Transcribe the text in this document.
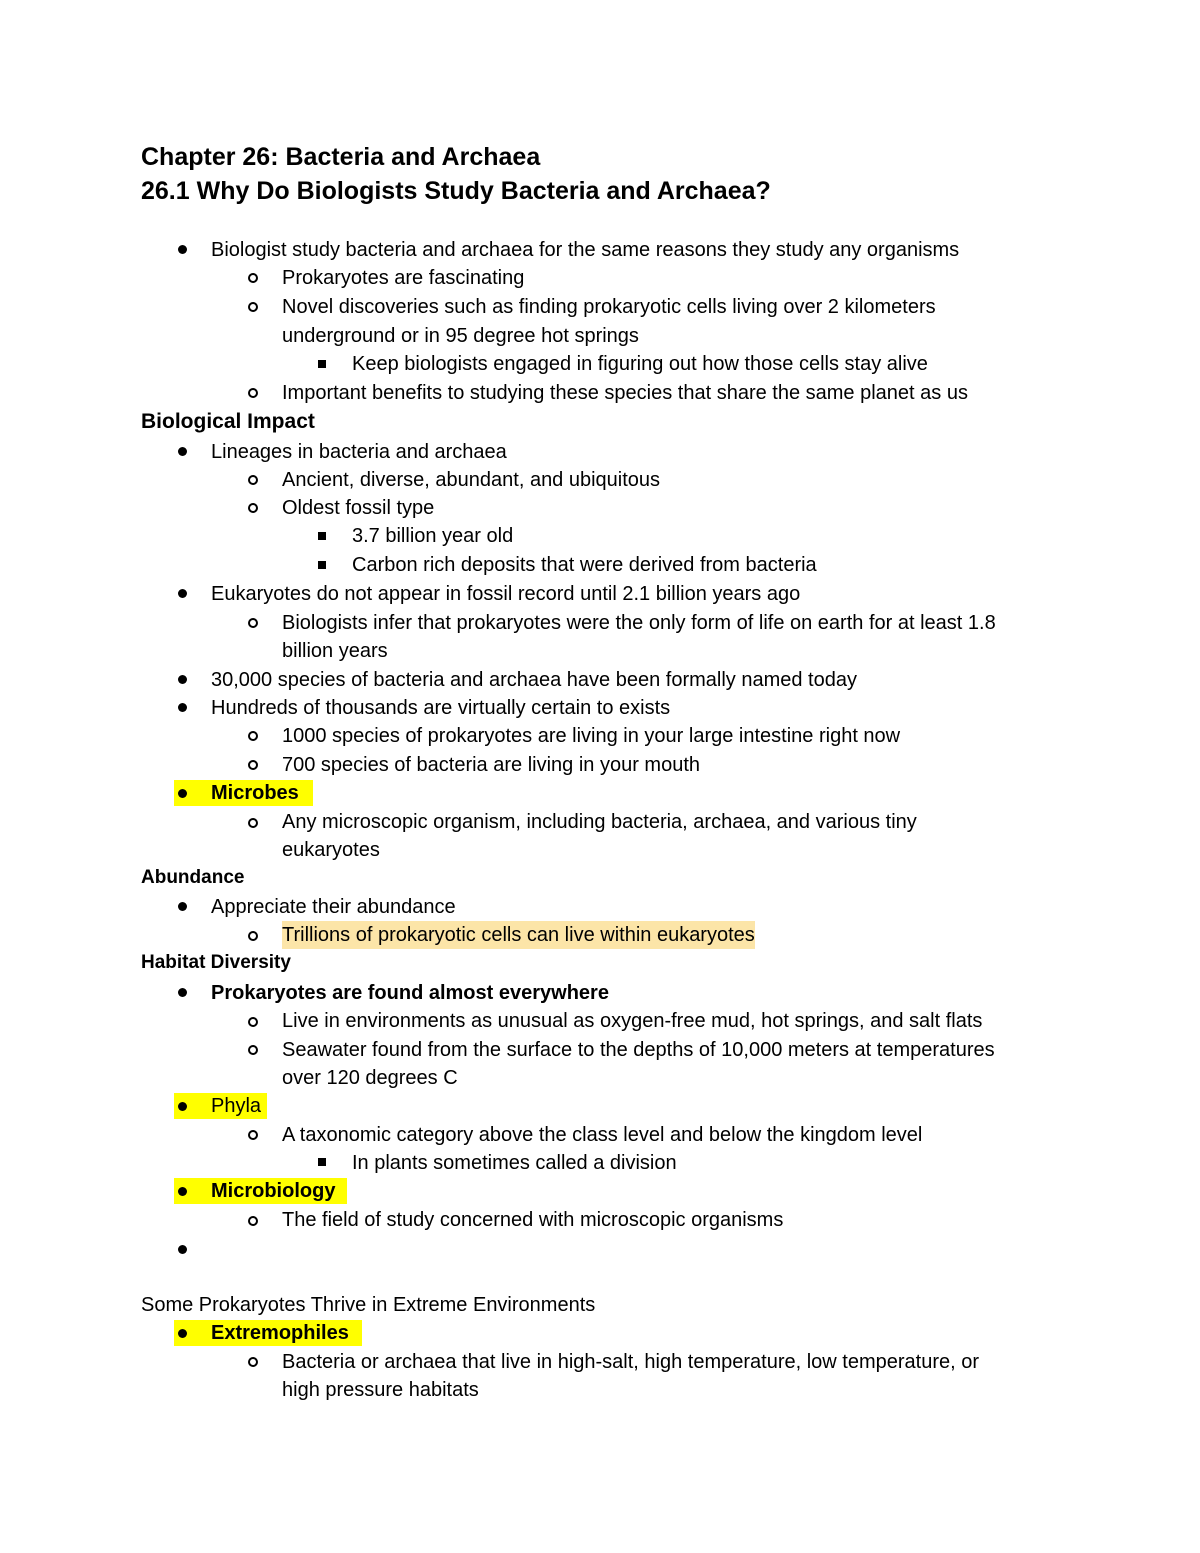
Chapter 26: Bacteria and Archaea
26.1 Why Do Biologists Study Bacteria and Archaea?
Biologist study bacteria and archaea for the same reasons they study any organisms
Prokaryotes are fascinating
Novel discoveries such as finding prokaryotic cells living over 2 kilometers
underground or in 95 degree hot springs
Keep biologists engaged in figuring out how those cells stay alive
Important benefits to studying these species that share the same planet as us
Biological Impact
Lineages in bacteria and archaea
Ancient, diverse, abundant, and ubiquitous
Oldest fossil type
3.7 billion year old
Carbon rich deposits that were derived from bacteria
Eukaryotes do not appear in fossil record until 2.1 billion years ago
Biologists infer that prokaryotes were the only form of life on earth for at least 1.8
billion years
30,000 species of bacteria and archaea have been formally named today
Hundreds of thousands are virtually certain to exists
1000 species of prokaryotes are living in your large intestine right now
700 species of bacteria are living in your mouth
Microbes
Any microscopic organism, including bacteria, archaea, and various tiny
eukaryotes
Abundance
Appreciate their abundance
Trillions of prokaryotic cells can live within eukaryotes
Habitat Diversity
Prokaryotes are found almost everywhere
Live in environments as unusual as oxygen-free mud, hot springs, and salt flats
Seawater found from the surface to the depths of 10,000 meters at temperatures
over 120 degrees C
Phyla
A taxonomic category above the class level and below the kingdom level
In plants sometimes called a division
Microbiology
The field of study concerned with microscopic organisms
Some Prokaryotes Thrive in Extreme Environments
Extremophiles
Bacteria or archaea that live in high-salt, high temperature, low temperature, or
high pressure habitats
